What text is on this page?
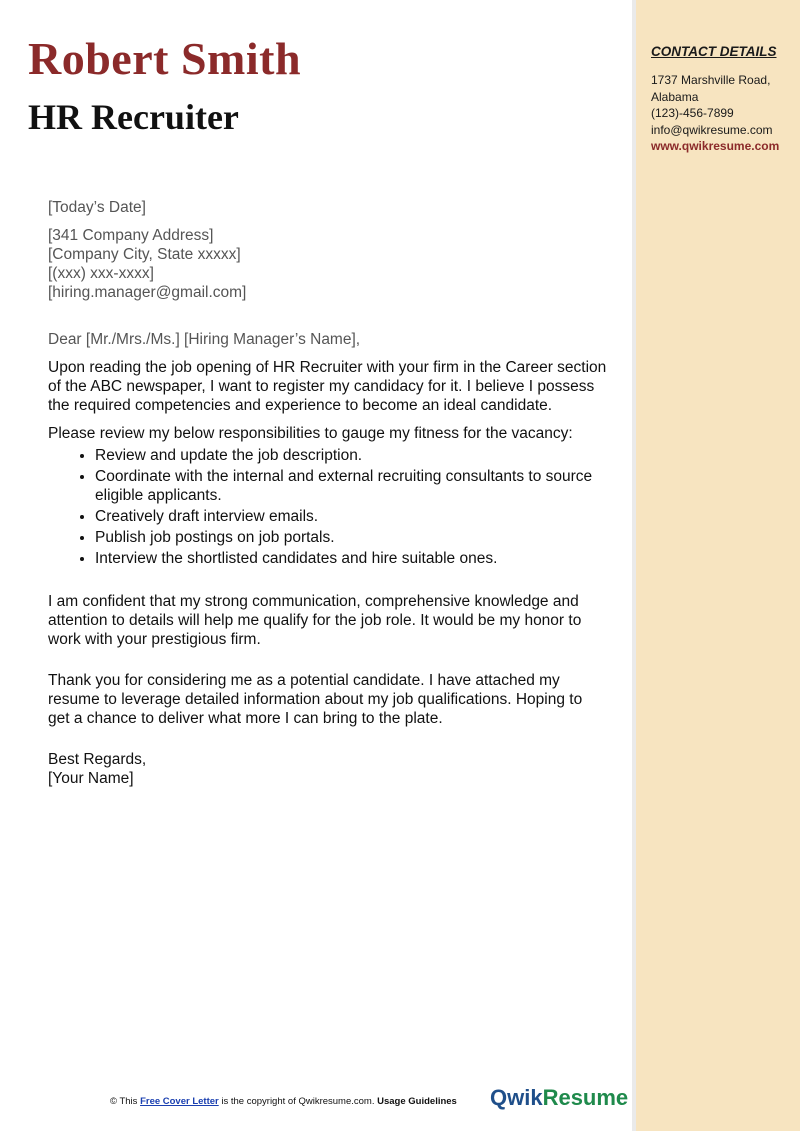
Robert Smith
HR Recruiter
CONTACT DETAILS
1737 Marshville Road,
Alabama
(123)-456-7899
info@qwikresume.com
www.qwikresume.com
[Today’s Date]
[341 Company Address]
[Company City, State xxxxx]
[(xxx) xxx-xxxx]
[hiring.manager@gmail.com]
Dear [Mr./Mrs./Ms.] [Hiring Manager’s Name],

Upon reading the job opening of HR Recruiter with your firm in the Career section of the ABC newspaper, I want to register my candidacy for it. I believe I possess the required competencies and experience to become an ideal candidate.

Please review my below responsibilities to gauge my fitness for the vacancy:

• Review and update the job description.
• Coordinate with the internal and external recruiting consultants to source eligible applicants.
• Creatively draft interview emails.
• Publish job postings on job portals.
• Interview the shortlisted candidates and hire suitable ones.

I am confident that my strong communication, comprehensive knowledge and attention to details will help me qualify for the job role. It would be my honor to work with your prestigious firm.

Thank you for considering me as a potential candidate. I have attached my resume to leverage detailed information about my job qualifications. Hoping to get a chance to deliver what more I can bring to the plate.

Best Regards,
[Your Name]
© This Free Cover Letter is the copyright of Qwikresume.com. Usage Guidelines QwikResume
